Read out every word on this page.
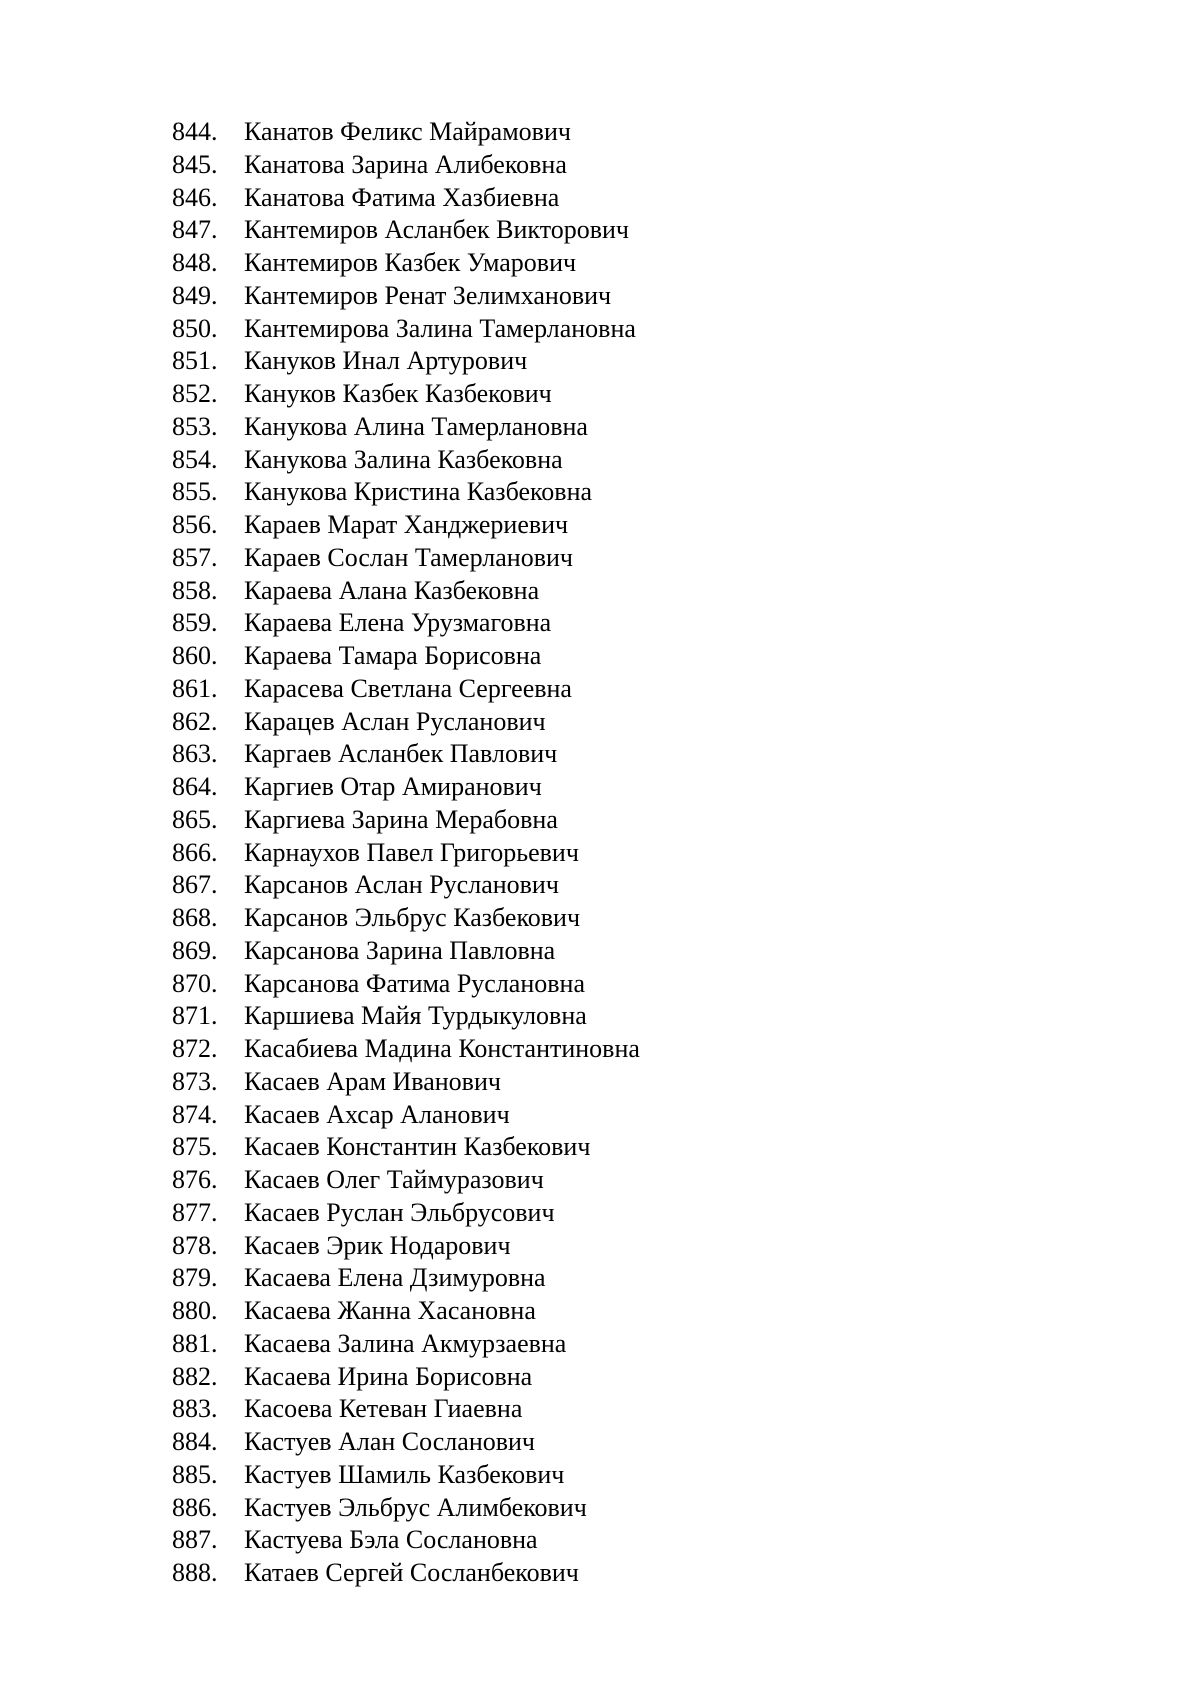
844.	Канатов Феликс Майрамович
845.	Канатова Зарина Алибековна
846.	Канатова Фатима Хазбиевна
847.	Кантемиров Асланбек Викторович
848.	Кантемиров Казбек Умарович
849.	Кантемиров Ренат Зелимханович
850.	Кантемирова Залина Тамерлановна
851.	Кануков Инал Артурович
852.	Кануков Казбек Казбекович
853.	Канукова Алина Тамерлановна
854.	Канукова Залина Казбековна
855.	Канукова Кристина Казбековна
856.	Караев Марат Ханджериевич
857.	Караев Сослан Тамерланович
858.	Караева Алана Казбековна
859.	Караева Елена Урузмаговна
860.	Караева Тамара Борисовна
861.	Карасева Светлана Сергеевна
862.	Карацев Аслан Русланович
863.	Каргаев Асланбек Павлович
864.	Каргиев Отар Амиранович
865.	Каргиева Зарина Мерабовна
866.	Карнаухов Павел Григорьевич
867.	Карсанов Аслан Русланович
868.	Карсанов Эльбрус Казбекович
869.	Карсанова Зарина Павловна
870.	Карсанова Фатима Руслановна
871.	Каршиева Майя Турдыкуловна
872.	Касабиева Мадина Константиновна
873.	Касаев Арам Иванович
874.	Касаев Ахсар Аланович
875.	Касаев Константин Казбекович
876.	Касаев Олег Таймуразович
877.	Касаев Руслан Эльбрусович
878.	Касаев Эрик Нодарович
879.	Касаева Елена Дзимуровна
880.	Касаева Жанна Хасановна
881.	Касаева Залина Акмурзаевна
882.	Касаева Ирина Борисовна
883.	Касоева Кетеван Гиаевна
884.	Кастуев Алан Сосланович
885.	Кастуев Шамиль Казбекович
886.	Кастуев Эльбрус Алимбекович
887.	Кастуева Бэла Сослановна
888.	Катаев Сергей Сосланбекович
